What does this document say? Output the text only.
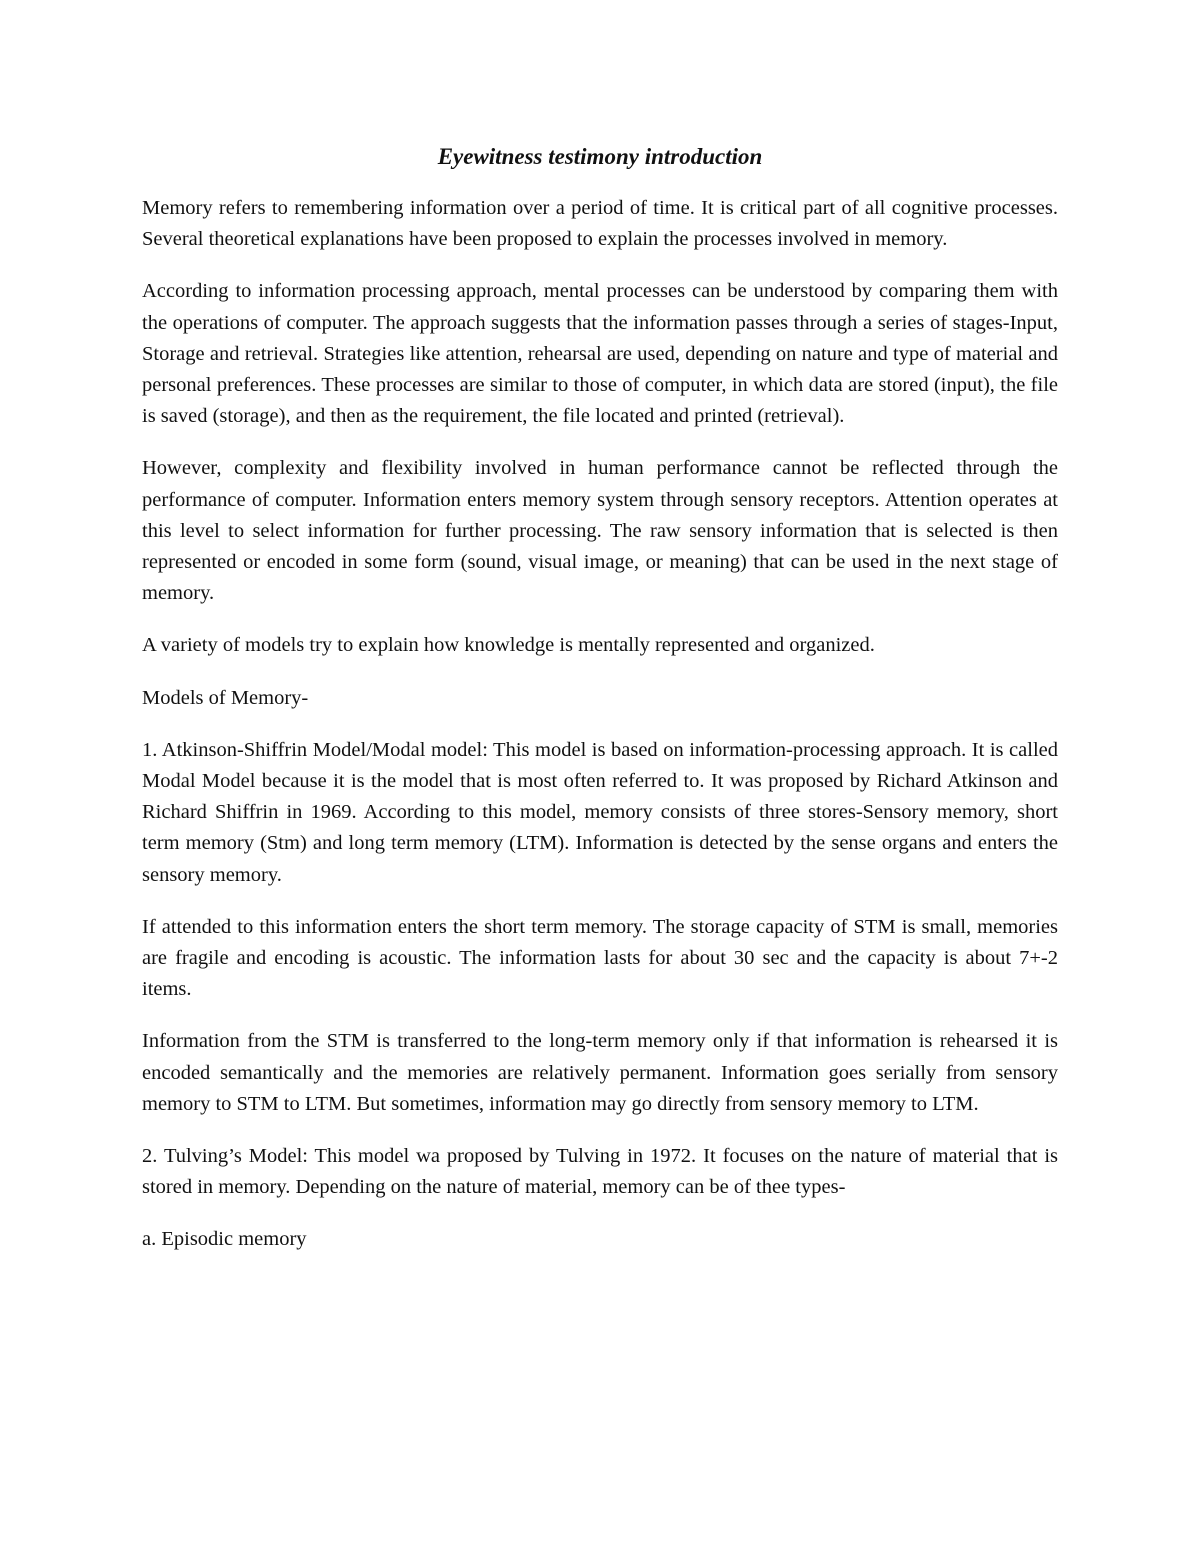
Eyewitness testimony introduction

Memory refers to remembering information over a period of time. It is critical part of all cognitive processes. Several theoretical explanations have been proposed to explain the processes involved in memory.

According to information processing approach, mental processes can be understood by comparing them with the operations of computer. The approach suggests that the information passes through a series of stages-Input, Storage and retrieval. Strategies like attention, rehearsal are used, depending on nature and type of material and personal preferences. These processes are similar to those of computer, in which data are stored (input), the file is saved (storage), and then as the requirement, the file located and printed (retrieval).

However, complexity and flexibility involved in human performance cannot be reflected through the performance of computer. Information enters memory system through sensory receptors. Attention operates at this level to select information for further processing. The raw sensory information that is selected is then represented or encoded in some form (sound, visual image, or meaning) that can be used in the next stage of memory.

A variety of models try to explain how knowledge is mentally represented and organized.

Models of Memory-

1. Atkinson-Shiffrin Model/Modal model: This model is based on information-processing approach. It is called Modal Model because it is the model that is most often referred to. It was proposed by Richard Atkinson and Richard Shiffrin in 1969. According to this model, memory consists of three stores-Sensory memory, short term memory (Stm) and long term memory (LTM). Information is detected by the sense organs and enters the sensory memory.

If attended to this information enters the short term memory. The storage capacity of STM is small, memories are fragile and encoding is acoustic. The information lasts for about 30 sec and the capacity is about 7+-2 items.

Information from the STM is transferred to the long-term memory only if that information is rehearsed it is encoded semantically and the memories are relatively permanent. Information goes serially from sensory memory to STM to LTM. But sometimes, information may go directly from sensory memory to LTM.

2. Tulving’s Model: This model wa proposed by Tulving in 1972. It focuses on the nature of material that is stored in memory. Depending on the nature of material, memory can be of thee types-

a. Episodic memory
